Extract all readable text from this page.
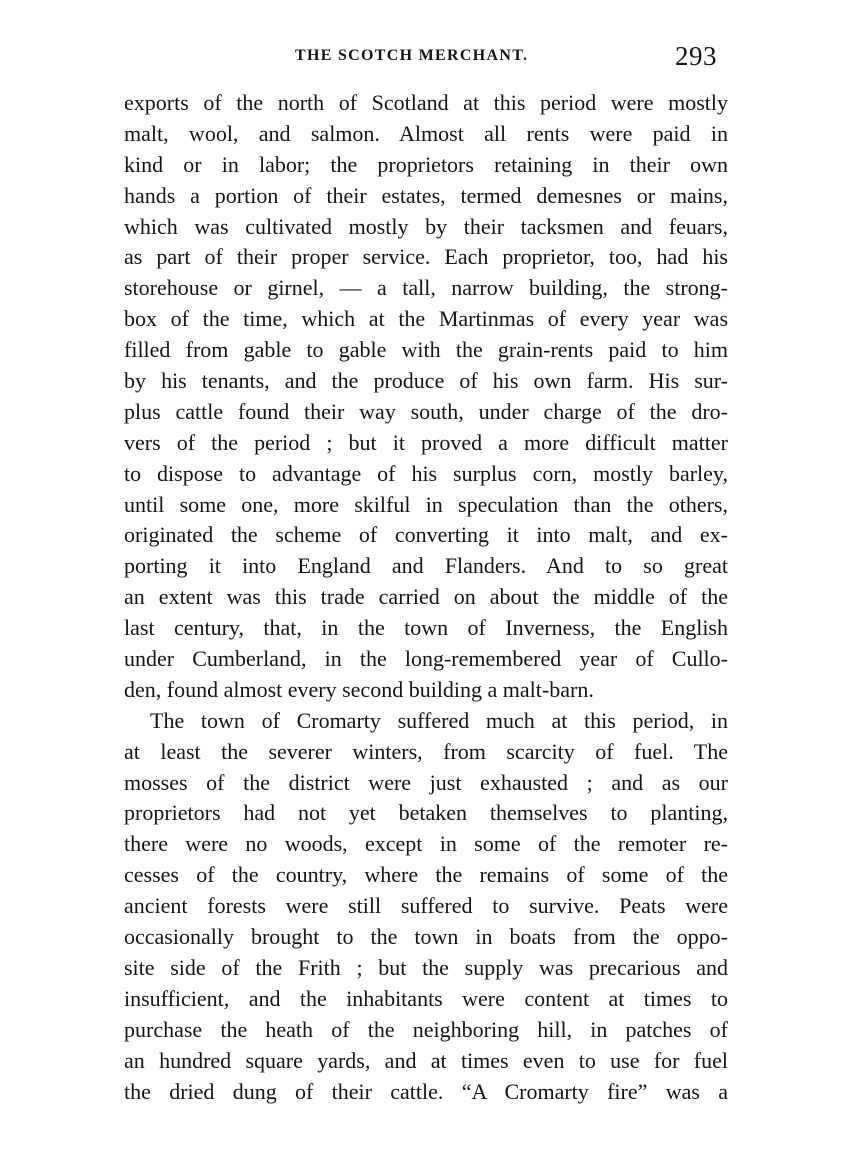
THE SCOTCH MERCHANT.	293
exports of the north of Scotland at this period were mostly
malt, wool, and salmon. Almost all rents were paid in
kind or in labor; the proprietors retaining in their own
hands a portion of their estates, termed demesnes or mains,
which was cultivated mostly by their tacksmen and feuars,
as part of their proper service. Each proprietor, too, had his
storehouse or girnel, — a tall, narrow building, the strong-
box of the time, which at the Martinmas of every year was
filled from gable to gable with the grain-rents paid to him
by his tenants, and the produce of his own farm. His sur-
plus cattle found their way south, under charge of the dro-
vers of the period ; but it proved a more difficult matter
to dispose to advantage of his surplus corn, mostly barley,
until some one, more skilful in speculation than the others,
originated the scheme of converting it into malt, and ex-
porting it into England and Flanders. And to so great
an extent was this trade carried on about the middle of the
last century, that, in the town of Inverness, the English
under Cumberland, in the long-remembered year of Cullo-
den, found almost every second building a malt-barn.
The town of Cromarty suffered much at this period, in
at least the severer winters, from scarcity of fuel. The
mosses of the district were just exhausted ; and as our
proprietors had not yet betaken themselves to planting,
there were no woods, except in some of the remoter re-
cesses of the country, where the remains of some of the
ancient forests were still suffered to survive. Peats were
occasionally brought to the town in boats from the oppo-
site side of the Frith ; but the supply was precarious and
insufficient, and the inhabitants were content at times to
purchase the heath of the neighboring hill, in patches of
an hundred square yards, and at times even to use for fuel
the dried dung of their cattle. “A Cromarty fire” was a
